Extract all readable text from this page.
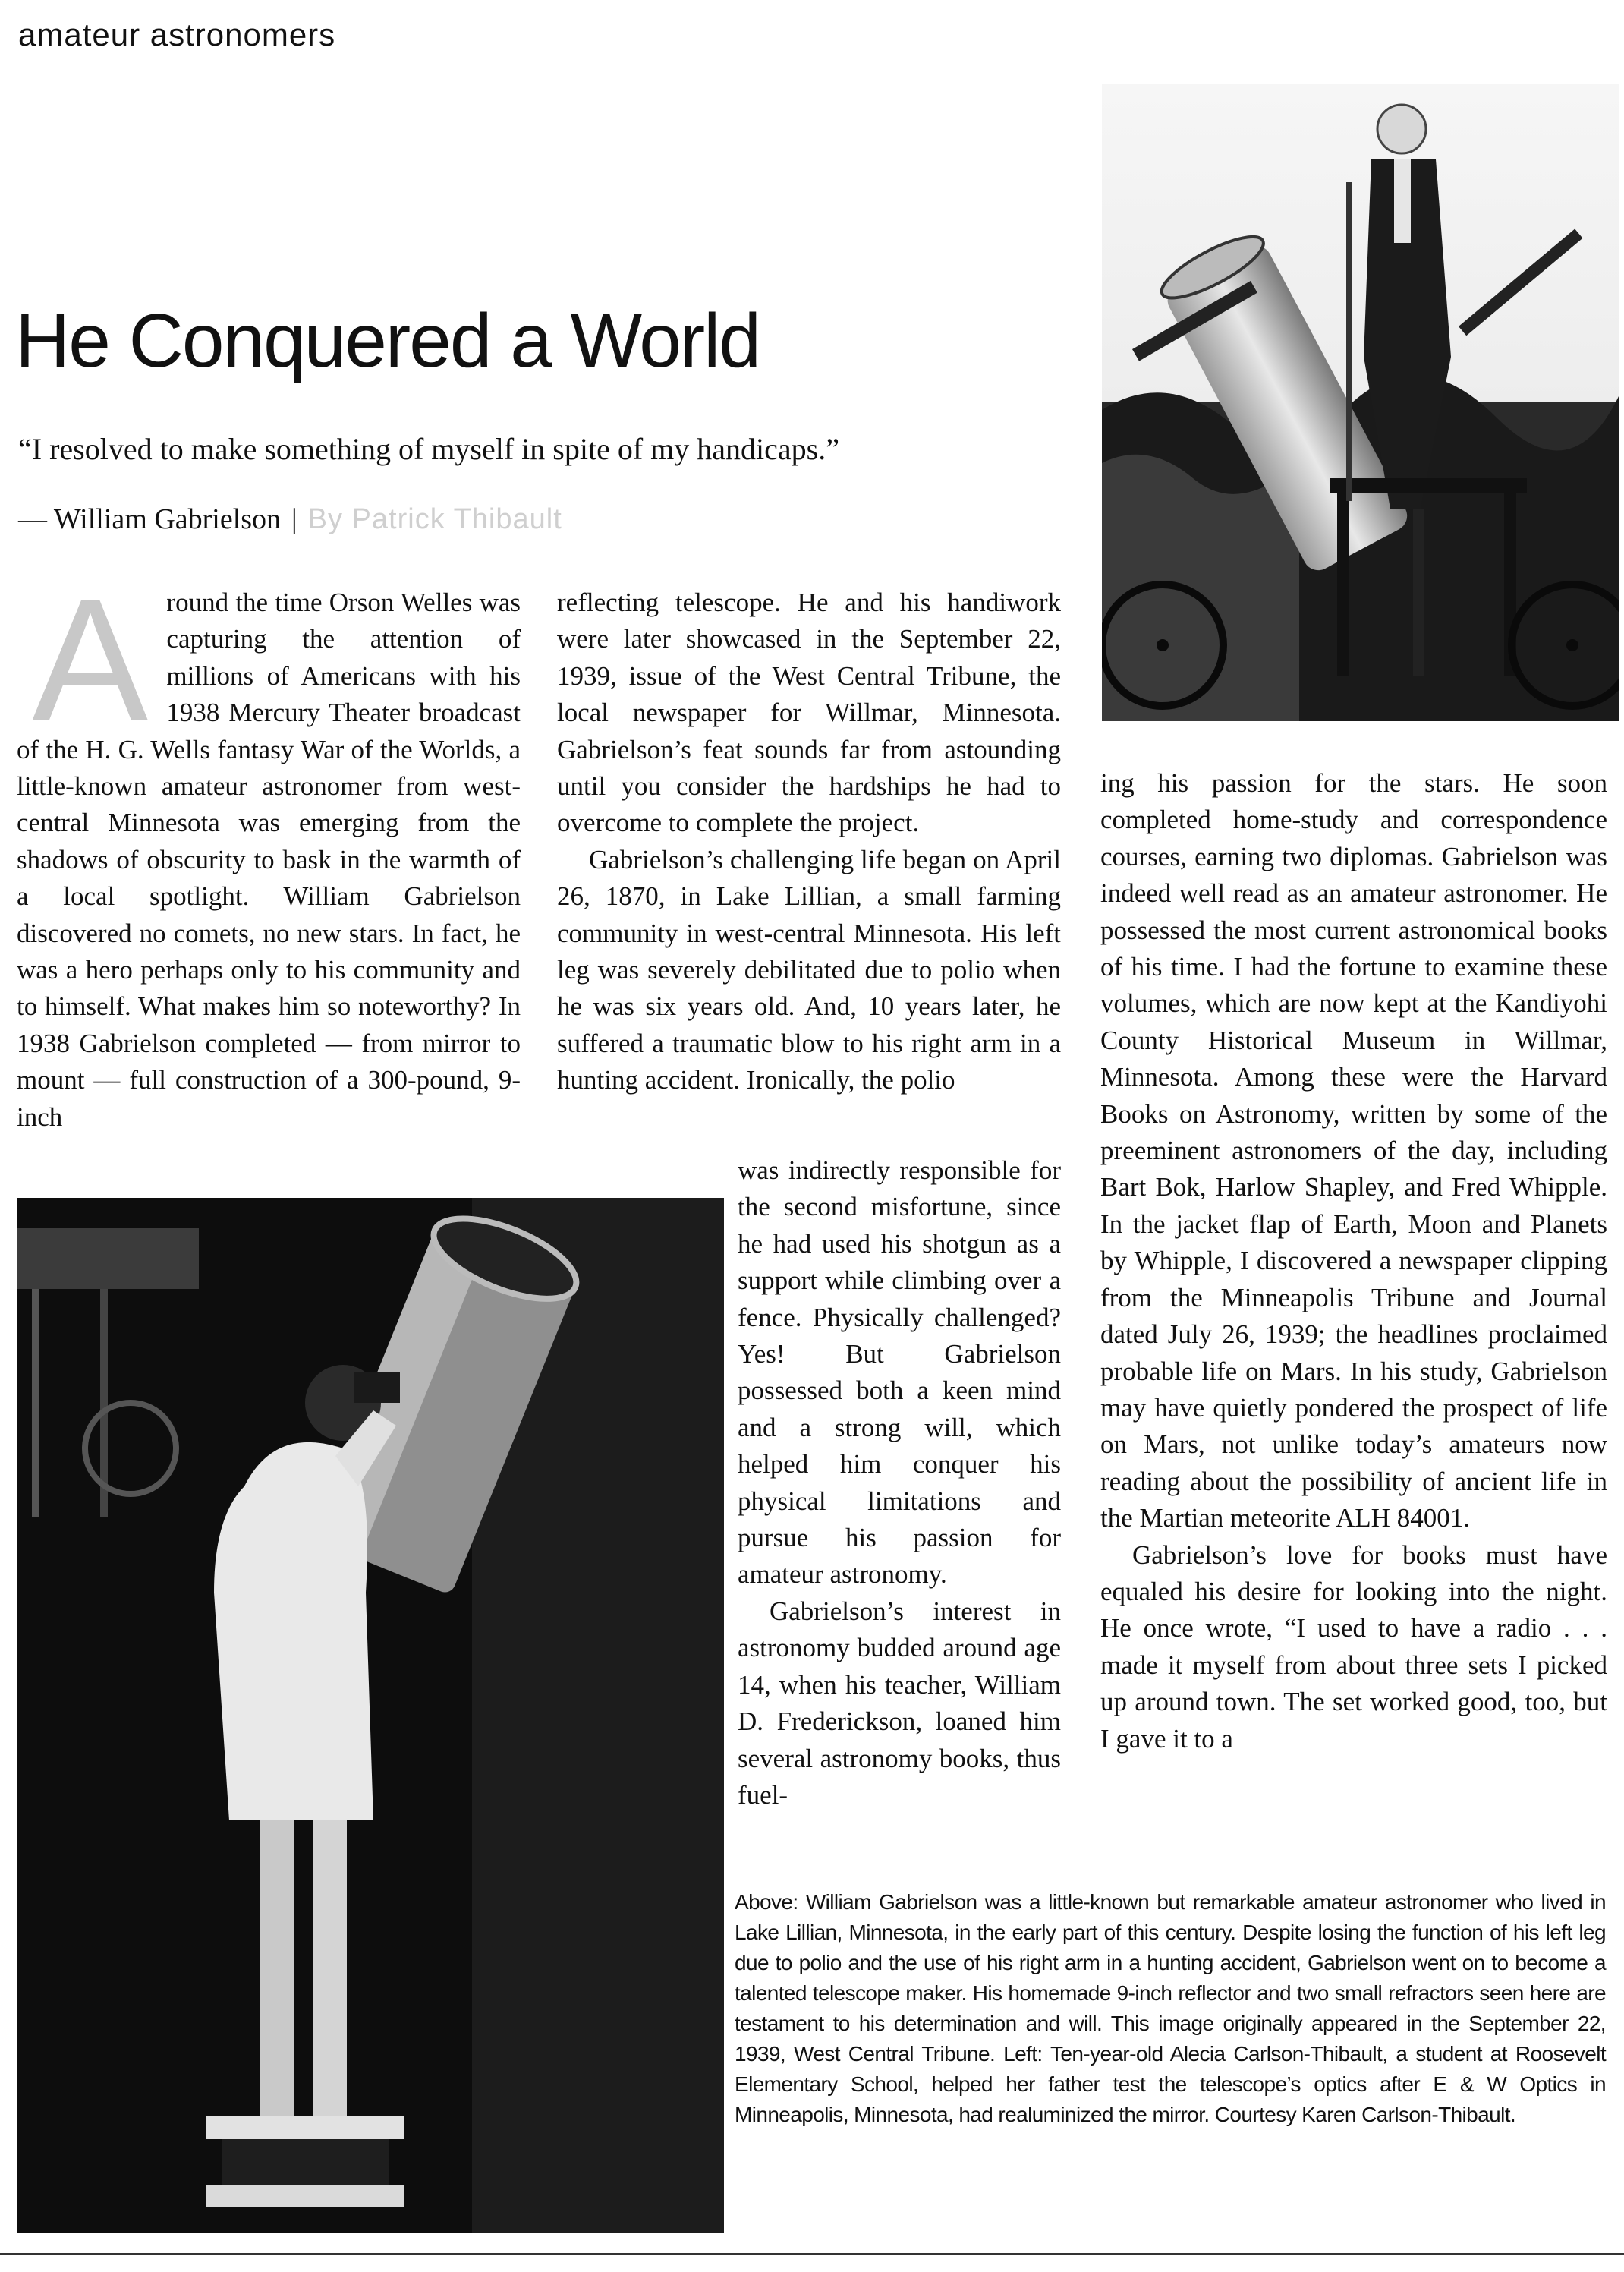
amateur astronomers
He Conquered a World
“I resolved to make something of myself in spite of my handicaps.”
— William Gabrielson | By Patrick Thibault
A round the time Orson Welles was capturing the attention of millions of Americans with his 1938 Mercury Theater broadcast of the H. G. Wells fantasy War of the Worlds, a little-known amateur astronomer from west-central Minnesota was emerging from the shadows of obscurity to bask in the warmth of a local spotlight. William Gabrielson discovered no comets, no new stars. In fact, he was a hero perhaps only to his community and to himself. What makes him so noteworthy? In 1938 Gabrielson completed — from mirror to mount — full construction of a 300-pound, 9-inch

reflecting telescope. He and his handiwork were later showcased in the September 22, 1939, issue of the West Central Tribune, the local newspaper for Willmar, Minnesota. Gabrielson’s feat sounds far from astounding until you consider the hardships he had to overcome to complete the project.

Gabrielson’s challenging life began on April 26, 1870, in Lake Lillian, a small farming community in west-central Minnesota. His left leg was severely debilitated due to polio when he was six years old. And, 10 years later, he suffered a traumatic blow to his right arm in a hunting accident. Ironically, the polio

was indirectly responsible for the second misfortune, since he had used his shotgun as a support while climbing over a fence. Physically challenged? Yes! But Gabrielson possessed both a keen mind and a strong will, which helped him conquer his physical limitations and pursue his passion for amateur astronomy.

Gabrielson’s interest in astronomy budded around age 14, when his teacher, William D. Frederickson, loaned him several astronomy books, thus fuel-

ing his passion for the stars. He soon completed home-study and correspondence courses, earning two diplomas. Gabrielson was indeed well read as an amateur astronomer. He possessed the most current astronomical books of his time. I had the fortune to examine these volumes, which are now kept at the Kandiyohi County Historical Museum in Willmar, Minnesota. Among these were the Harvard Books on Astronomy, written by some of the preeminent astronomers of the day, including Bart Bok, Harlow Shapley, and Fred Whipple. In the jacket flap of Earth, Moon and Planets by Whipple, I discovered a newspaper clipping from the Minneapolis Tribune and Journal dated July 26, 1939; the headlines proclaimed probable life on Mars. In his study, Gabrielson may have quietly pondered the prospect of life on Mars, not unlike today’s amateurs now reading about the possibility of ancient life in the Martian meteorite ALH 84001.

Gabrielson’s love for books must have equaled his desire for looking into the night. He once wrote, “I used to have a radio . . . made it myself from about three sets I picked up around town. The set worked good, too, but I gave it to a

Above: William Gabrielson was a little-known but remarkable amateur astronomer who lived in Lake Lillian, Minnesota, in the early part of this century. Despite losing the function of his left leg due to polio and the use of his right arm in a hunting accident, Gabrielson went on to become a talented telescope maker. His homemade 9-inch reflector and two small refractors seen here are testament to his determination and will. This image originally appeared in the September 22, 1939, West Central Tribune. Left: Ten-year-old Alecia Carlson-Thibault, a student at Roosevelt Elementary School, helped her father test the telescope’s optics after E & W Optics in Minneapolis, Minnesota, had realuminized the mirror. Courtesy Karen Carlson-Thibault.
